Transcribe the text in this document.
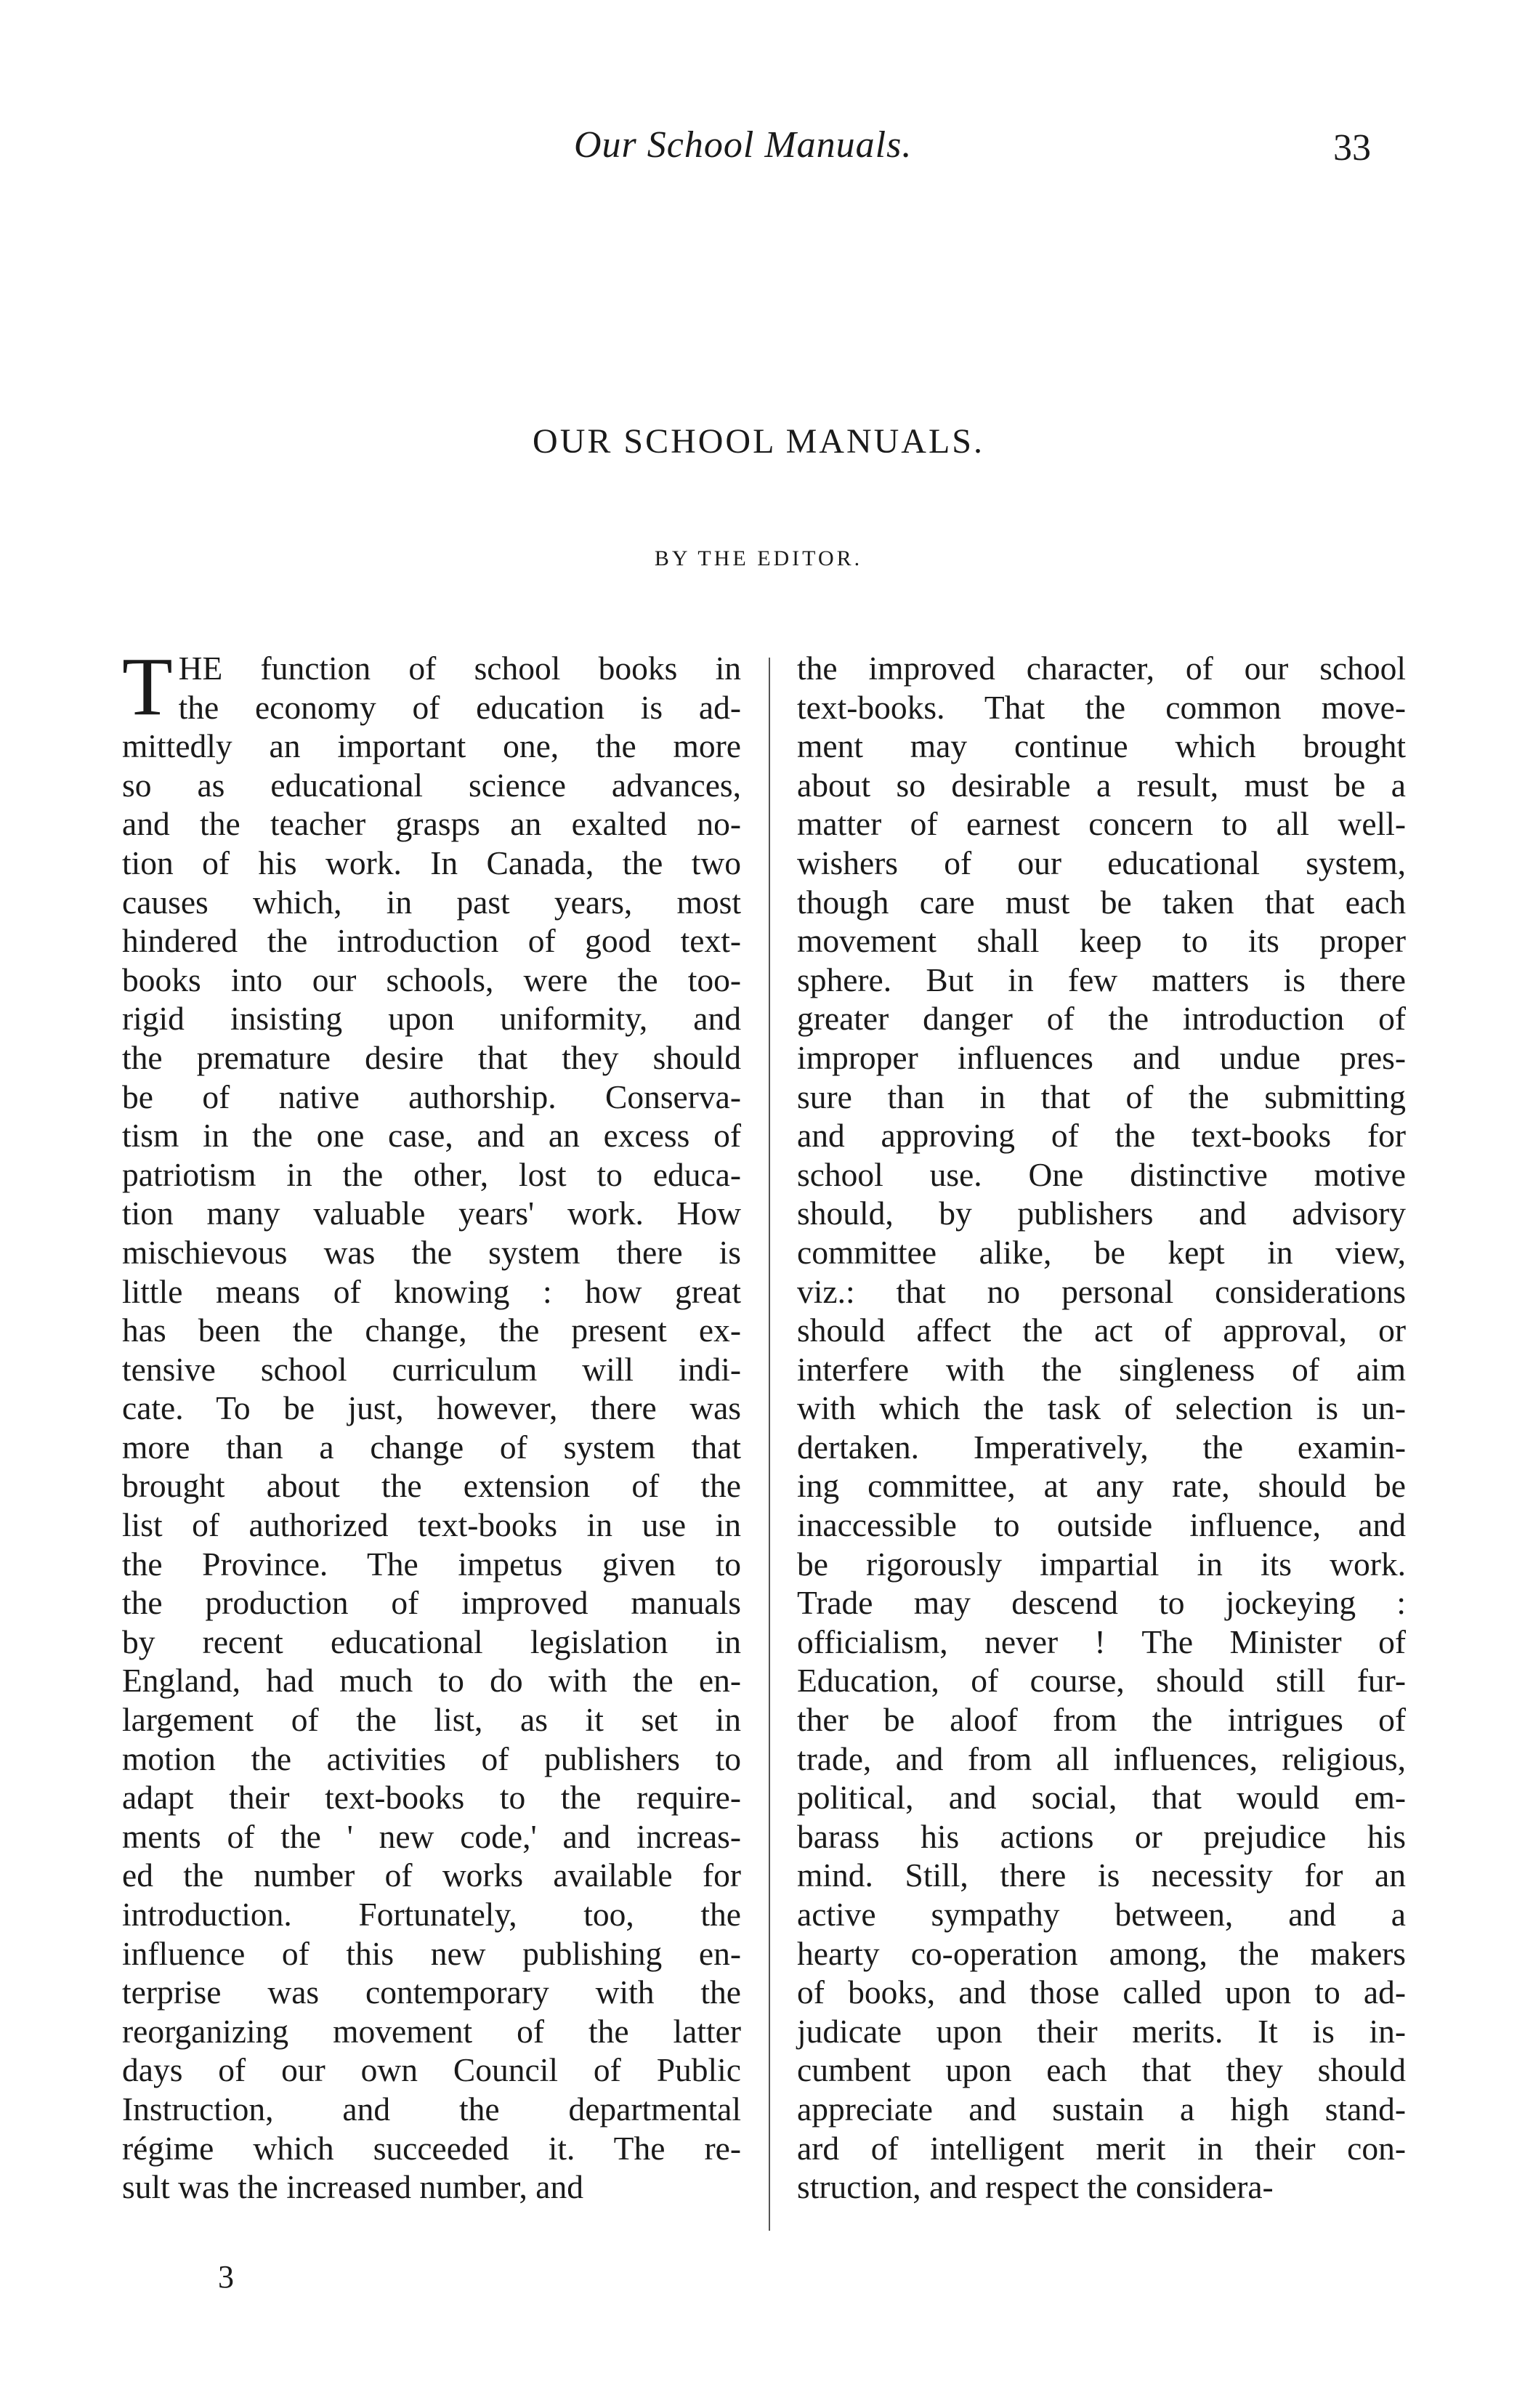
Our School Manuals.	33
OUR SCHOOL MANUALS.
BY THE EDITOR.
T HE function of school books in
the economy of education is ad-
mittedly an important one, the more
so as educational science advances,
and the teacher grasps an exalted no-
tion of his work. In Canada, the two
causes which, in past years, most
hindered the introduction of good text-
books into our schools, were the too-
rigid insisting upon uniformity, and
the premature desire that they should
be of native authorship. Conserva-
tism in the one case, and an excess of
patriotism in the other, lost to educa-
tion many valuable years' work. How
mischievous was the system there is
little means of knowing : how great
has been the change, the present ex-
tensive school curriculum will indi-
cate. To be just, however, there was
more than a change of system that
brought about the extension of the
list of authorized text-books in use in
the Province. The impetus given to
the production of improved manuals
by recent educational legislation in
England, had much to do with the en-
largement of the list, as it set in
motion the activities of publishers to
adapt their text-books to the require-
ments of the ' new code,' and increas-
ed the number of works available for
introduction. Fortunately, too, the
influence of this new publishing en-
terprise was contemporary with the
reorganizing movement of the latter
days of our own Council of Public
Instruction, and the departmental
régime which succeeded it. The re-
sult was the increased number, and
the improved character, of our school
text-books. That the common move-
ment may continue which brought
about so desirable a result, must be a
matter of earnest concern to all well-
wishers of our educational system,
though care must be taken that each
movement shall keep to its proper
sphere. But in few matters is there
greater danger of the introduction of
improper influences and undue pres-
sure than in that of the submitting
and approving of the text-books for
school use. One distinctive motive
should, by publishers and advisory
committee alike, be kept in view,
viz.: that no personal considerations
should affect the act of approval, or
interfere with the singleness of aim
with which the task of selection is un-
dertaken. Imperatively, the examin-
ing committee, at any rate, should be
inaccessible to outside influence, and
be rigorously impartial in its work.
Trade may descend to jockeying :
officialism, never ! The Minister of
Education, of course, should still fur-
ther be aloof from the intrigues of
trade, and from all influences, religious,
political, and social, that would em-
barass his actions or prejudice his
mind. Still, there is necessity for an
active sympathy between, and a
hearty co-operation among, the makers
of books, and those called upon to ad-
judicate upon their merits. It is in-
cumbent upon each that they should
appreciate and sustain a high stand-
ard of intelligent merit in their con-
struction, and respect the considera-
3
